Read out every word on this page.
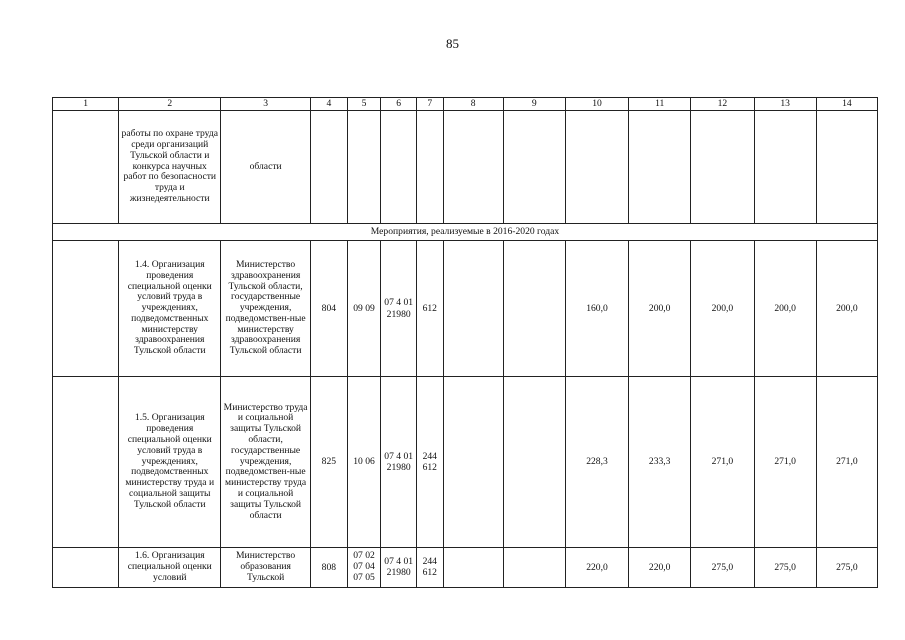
85
1	2	3	4	5	6	7	8	9	10	11	12	13	14
	работы по охране труда среди организаций Тульской области и конкурса научных работ по безопасности труда и жизнедеятельности	области											
Мероприятия, реализуемые в 2016-2020 годах													
	1.4. Организация проведения специальной оценки условий труда в учреждениях, подведомственных министерству здравоохранения Тульской области	Министерство здравоохранения Тульской области, государственные учреждения, подведомствен-ные министерству здравоохранения Тульской области	804	09 09	07 4 01 21980	612			160,0	200,0	200,0	200,0	200,0
	1.5. Организация проведения специальной оценки условий труда в учреждениях, подведомственных министерству труда и социальной защиты Тульской области	Министерство труда и социальной защиты Тульской области, государственные учреждения, подведомствен-ные министерству труда и социальной защиты Тульской области	825	10 06	07 4 01 21980	244 612			228,3	233,3	271,0	271,0	271,0
	1.6. Организация специальной оценки условий	Министерство образования Тульской	808	07 02 07 04 07 05	07 4 01 21980	244 612			220,0	220,0	275,0	275,0	275,0
